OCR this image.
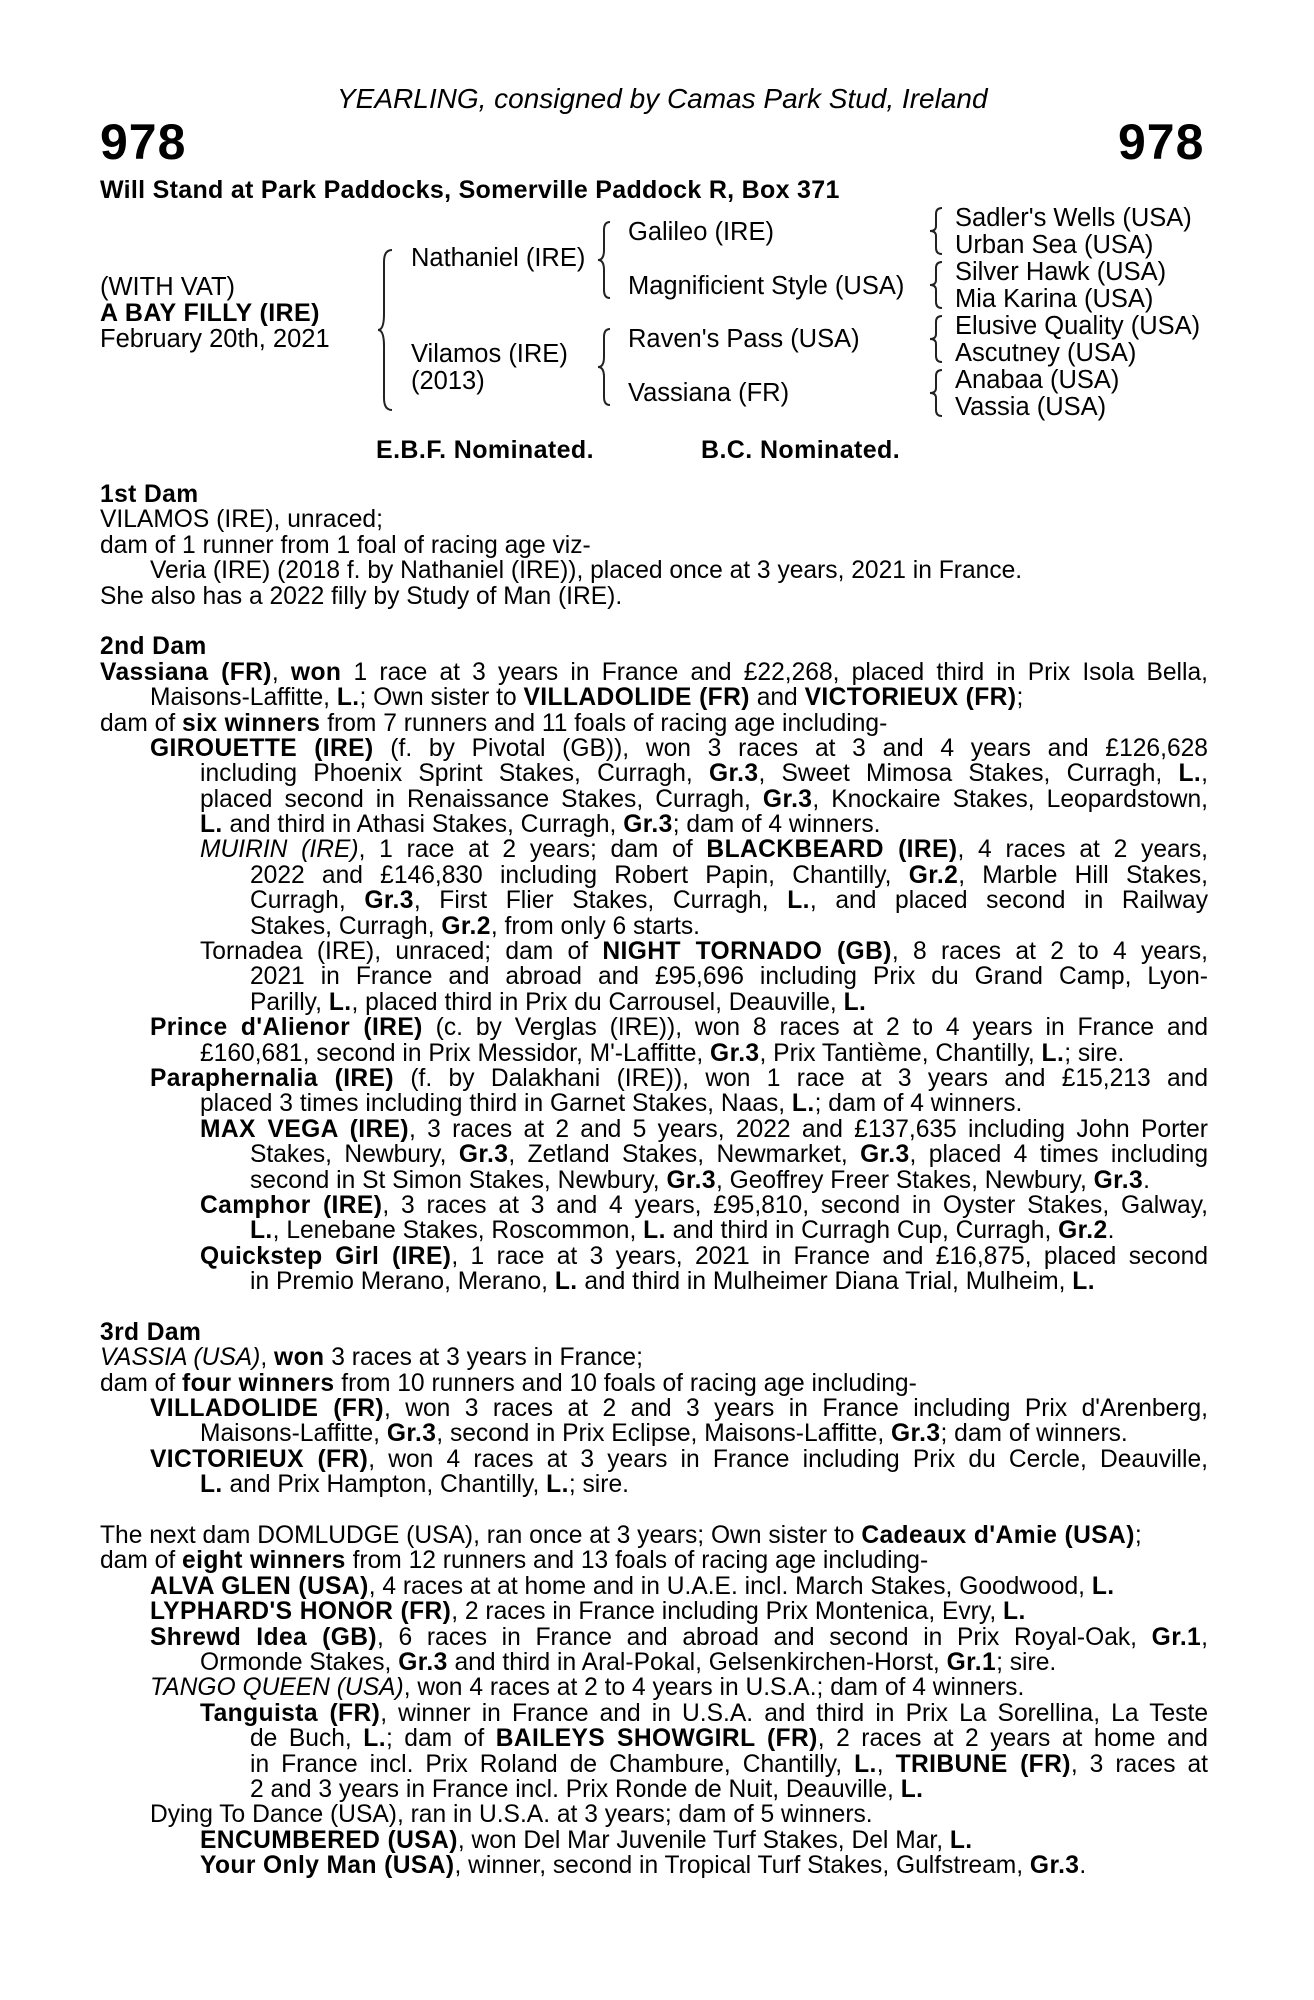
YEARLING, consigned by Camas Park Stud, Ireland
978	978
Will Stand at Park Paddocks, Somerville Paddock R, Box 371
(WITH VAT)
A BAY FILLY (IRE)
February 20th, 2021
Nathaniel (IRE)
Vilamos (IRE)
(2013)
Galileo (IRE)
Magnificient Style (USA)
Raven's Pass (USA)
Vassiana (FR)
Sadler's Wells (USA)
Urban Sea (USA)
Silver Hawk (USA)
Mia Karina (USA)
Elusive Quality (USA)
Ascutney (USA)
Anabaa (USA)
Vassia (USA)
E.B.F. Nominated.	B.C. Nominated.
1st Dam
VILAMOS (IRE), unraced;
dam of 1 runner from 1 foal of racing age viz-
Veria (IRE) (2018 f. by Nathaniel (IRE)), placed once at 3 years, 2021 in France.
She also has a 2022 filly by Study of Man (IRE).
2nd Dam
Vassiana (FR), won 1 race at 3 years in France and £22,268, placed third in Prix Isola Bella,
Maisons-Laffitte, L.; Own sister to VILLADOLIDE (FR) and VICTORIEUX (FR);
dam of six winners from 7 runners and 11 foals of racing age including-
GIROUETTE (IRE) (f. by Pivotal (GB)), won 3 races at 3 and 4 years and £126,628
including Phoenix Sprint Stakes, Curragh, Gr.3, Sweet Mimosa Stakes, Curragh, L.,
placed second in Renaissance Stakes, Curragh, Gr.3, Knockaire Stakes, Leopardstown,
L. and third in Athasi Stakes, Curragh, Gr.3; dam of 4 winners.
MUIRIN (IRE), 1 race at 2 years; dam of BLACKBEARD (IRE), 4 races at 2 years,
2022 and £146,830 including Robert Papin, Chantilly, Gr.2, Marble Hill Stakes,
Curragh, Gr.3, First Flier Stakes, Curragh, L., and placed second in Railway
Stakes, Curragh, Gr.2, from only 6 starts.
Tornadea (IRE), unraced; dam of NIGHT TORNADO (GB), 8 races at 2 to 4 years,
2021 in France and abroad and £95,696 including Prix du Grand Camp, Lyon-
Parilly, L., placed third in Prix du Carrousel, Deauville, L.
Prince d'Alienor (IRE) (c. by Verglas (IRE)), won 8 races at 2 to 4 years in France and
£160,681, second in Prix Messidor, M'-Laffitte, Gr.3, Prix Tantième, Chantilly, L.; sire.
Paraphernalia (IRE) (f. by Dalakhani (IRE)), won 1 race at 3 years and £15,213 and
placed 3 times including third in Garnet Stakes, Naas, L.; dam of 4 winners.
MAX VEGA (IRE), 3 races at 2 and 5 years, 2022 and £137,635 including John Porter
Stakes, Newbury, Gr.3, Zetland Stakes, Newmarket, Gr.3, placed 4 times including
second in St Simon Stakes, Newbury, Gr.3, Geoffrey Freer Stakes, Newbury, Gr.3.
Camphor (IRE), 3 races at 3 and 4 years, £95,810, second in Oyster Stakes, Galway,
L., Lenebane Stakes, Roscommon, L. and third in Curragh Cup, Curragh, Gr.2.
Quickstep Girl (IRE), 1 race at 3 years, 2021 in France and £16,875, placed second
in Premio Merano, Merano, L. and third in Mulheimer Diana Trial, Mulheim, L.
3rd Dam
VASSIA (USA), won 3 races at 3 years in France;
dam of four winners from 10 runners and 10 foals of racing age including-
VILLADOLIDE (FR), won 3 races at 2 and 3 years in France including Prix d'Arenberg,
Maisons-Laffitte, Gr.3, second in Prix Eclipse, Maisons-Laffitte, Gr.3; dam of winners.
VICTORIEUX (FR), won 4 races at 3 years in France including Prix du Cercle, Deauville,
L. and Prix Hampton, Chantilly, L.; sire.
The next dam DOMLUDGE (USA), ran once at 3 years; Own sister to Cadeaux d'Amie (USA);
dam of eight winners from 12 runners and 13 foals of racing age including-
ALVA GLEN (USA), 4 races at at home and in U.A.E. incl. March Stakes, Goodwood, L.
LYPHARD'S HONOR (FR), 2 races in France including Prix Montenica, Evry, L.
Shrewd Idea (GB), 6 races in France and abroad and second in Prix Royal-Oak, Gr.1,
Ormonde Stakes, Gr.3 and third in Aral-Pokal, Gelsenkirchen-Horst, Gr.1; sire.
TANGO QUEEN (USA), won 4 races at 2 to 4 years in U.S.A.; dam of 4 winners.
Tanguista (FR), winner in France and in U.S.A. and third in Prix La Sorellina, La Teste
de Buch, L.; dam of BAILEYS SHOWGIRL (FR), 2 races at 2 years at home and
in France incl. Prix Roland de Chambure, Chantilly, L., TRIBUNE (FR), 3 races at
2 and 3 years in France incl. Prix Ronde de Nuit, Deauville, L.
Dying To Dance (USA), ran in U.S.A. at 3 years; dam of 5 winners.
ENCUMBERED (USA), won Del Mar Juvenile Turf Stakes, Del Mar, L.
Your Only Man (USA), winner, second in Tropical Turf Stakes, Gulfstream, Gr.3.
